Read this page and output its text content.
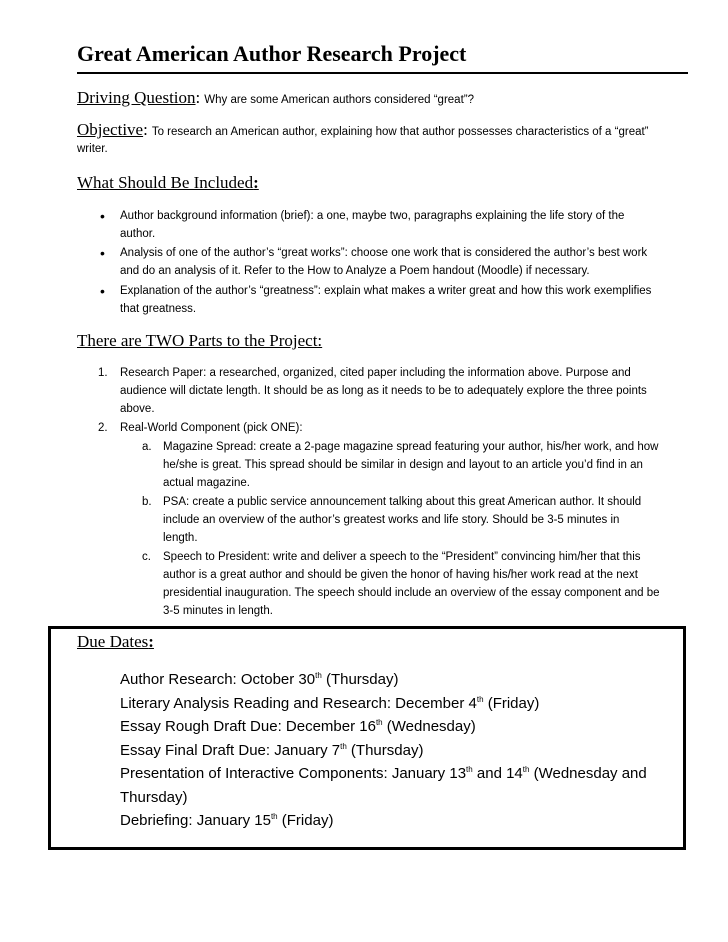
Great American Author Research Project
Driving Question: Why are some American authors considered “great”?
Objective: To research an American author, explaining how that author possesses characteristics of a “great”
writer.
What Should Be Included:
• Author background information (brief): a one, maybe two, paragraphs explaining the life story of the
author.
• Analysis of one of the author’s “great works”: choose one work that is considered the author’s best work
and do an analysis of it. Refer to the How to Analyze a Poem handout (Moodle) if necessary.
• Explanation of the author’s “greatness”: explain what makes a writer great and how this work exemplifies
that greatness.
There are TWO Parts to the Project:
1. Research Paper: a researched, organized, cited paper including the information above. Purpose and
audience will dictate length. It should be as long as it needs to be to adequately explore the three points
above.
2. Real-World Component (pick ONE):
a. Magazine Spread: create a 2-page magazine spread featuring your author, his/her work, and how
he/she is great. This spread should be similar in design and layout to an article you’d find in an
actual magazine.
b. PSA: create a public service announcement talking about this great American author. It should
include an overview of the author’s greatest works and life story. Should be 3-5 minutes in
length.
c. Speech to President: write and deliver a speech to the “President” convincing him/her that this
author is a great author and should be given the honor of having his/her work read at the next
presidential inauguration. The speech should include an overview of the essay component and be
3-5 minutes in length.
Due Dates:
Author Research: October 30th (Thursday)
Literary Analysis Reading and Research: December 4th (Friday)
Essay Rough Draft Due: December 16th (Wednesday)
Essay Final Draft Due: January 7th (Thursday)
Presentation of Interactive Components: January 13th and 14th (Wednesday and
Thursday)
Debriefing: January 15th (Friday)
